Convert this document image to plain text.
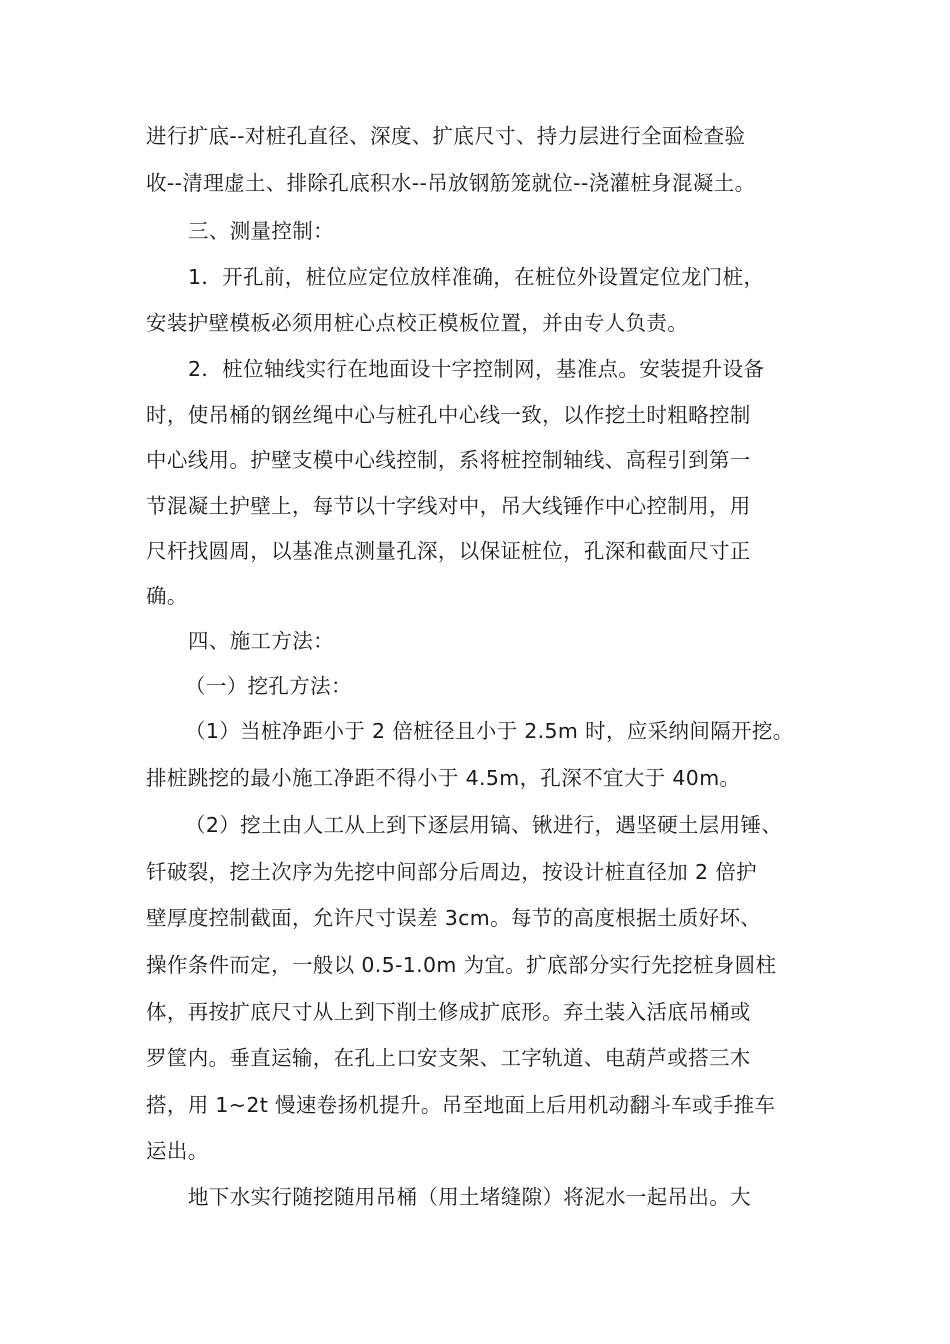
进行扩底--对桩孔直径、深度、扩底尺寸、持力层进行全面检查验
收--清理虚土、排除孔底积水--吊放钢筋笼就位--浇灌桩身混凝土。
三、测量控制：
1．开孔前，桩位应定位放样准确，在桩位外设置定位龙门桩，
安装护壁模板必须用桩心点校正模板位置，并由专人负责。
2．桩位轴线实行在地面设十字控制网，基准点。安装提升设备
时，使吊桶的钢丝绳中心与桩孔中心线一致，以作挖土时粗略控制
中心线用。护壁支模中心线控制，系将桩控制轴线、高程引到第一
节混凝土护壁上，每节以十字线对中，吊大线锤作中心控制用，用
尺杆找圆周，以基准点测量孔深，以保证桩位，孔深和截面尺寸正
确。
四、施工方法：
（一）挖孔方法：
（1）当桩净距小于 2 倍桩径且小于 2.5m 时，应采纳间隔开挖。
排桩跳挖的最小施工净距不得小于 4.5m，孔深不宜大于 40m。
（2）挖土由人工从上到下逐层用镐、锹进行，遇坚硬土层用锤、
钎破裂，挖土次序为先挖中间部分后周边，按设计桩直径加 2 倍护
壁厚度控制截面，允许尺寸误差 3cm。每节的高度根据土质好坏、
操作条件而定，一般以 0.5-1.0m 为宜。扩底部分实行先挖桩身圆柱
体，再按扩底尺寸从上到下削土修成扩底形。弃土装入活底吊桶或
罗筐内。垂直运输，在孔上口安支架、工字轨道、电葫芦或搭三木
搭，用 1~2t 慢速卷扬机提升。吊至地面上后用机动翻斗车或手推车
运出。
地下水实行随挖随用吊桶（用土堵缝隙）将泥水一起吊出。大
